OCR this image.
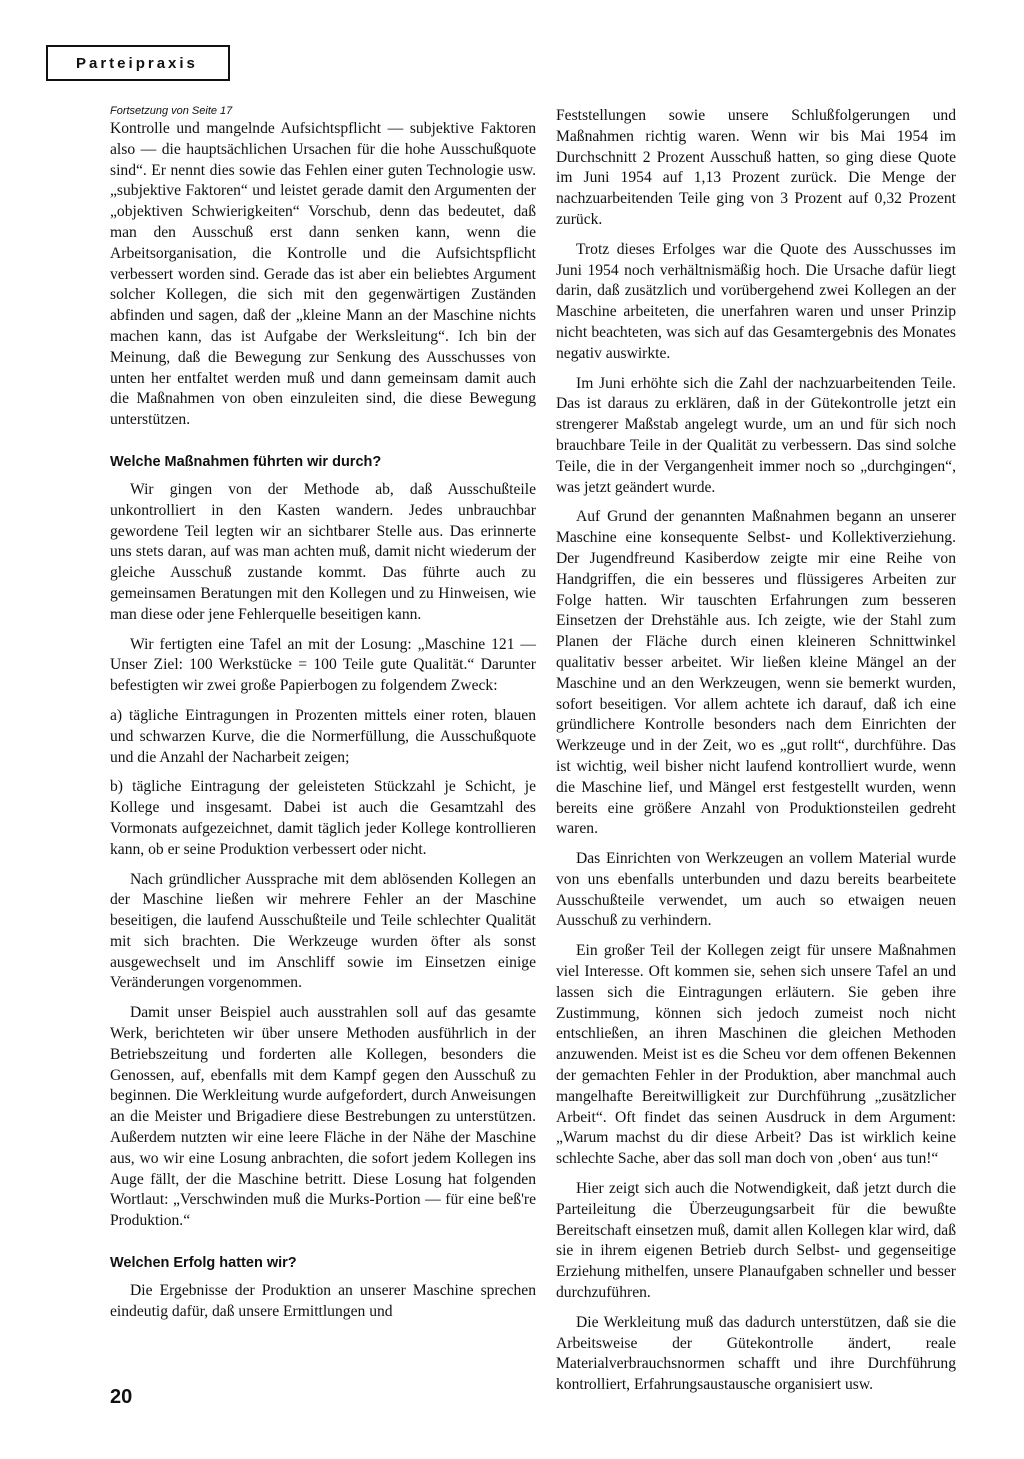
Parteipraxis
Fortsetzung von Seite 17

Kontrolle und mangelnde Aufsichtspflicht — subjektive Faktoren also — die hauptsächlichen Ursachen für die hohe Ausschußquote sind“. Er nennt dies sowie das Fehlen einer guten Technologie usw. „subjektive Faktoren“ und leistet gerade damit den Argumenten der „objektiven Schwierigkeiten“ Vorschub, denn das bedeutet, daß man den Ausschuß erst dann senken kann, wenn die Arbeitsorganisation, die Kontrolle und die Aufsichtspflicht verbessert worden sind. Gerade das ist aber ein beliebtes Argument solcher Kollegen, die sich mit den gegenwärtigen Zuständen abfinden und sagen, daß der „kleine Mann an der Maschine nichts machen kann, das ist Aufgabe der Werksleitung“. Ich bin der Meinung, daß die Bewegung zur Senkung des Ausschusses von unten her entfaltet werden muß und dann gemeinsam damit auch die Maßnahmen von oben einzuleiten sind, die diese Bewegung unterstützen.

Welche Maßnahmen führten wir durch?

Wir gingen von der Methode ab, daß Ausschußteile unkontrolliert in den Kasten wandern. Jedes unbrauchbar gewordene Teil legten wir an sichtbarer Stelle aus. Das erinnerte uns stets daran, auf was man achten muß, damit nicht wiederum der gleiche Ausschuß zustande kommt. Das führte auch zu gemeinsamen Beratungen mit den Kollegen und zu Hinweisen, wie man diese oder jene Fehlerquelle beseitigen kann.

Wir fertigten eine Tafel an mit der Losung: „Maschine 121 — Unser Ziel: 100 Werkstücke = 100 Teile gute Qualität.“ Darunter befestigten wir zwei große Papierbogen zu folgendem Zweck:

a) tägliche Eintragungen in Prozenten mittels einer roten, blauen und schwarzen Kurve, die die Normerfüllung, die Ausschußquote und die Anzahl der Nacharbeit zeigen;

b) tägliche Eintragung der geleisteten Stückzahl je Schicht, je Kollege und insgesamt. Dabei ist auch die Gesamtzahl des Vormonats aufgezeichnet, damit täglich jeder Kollege kontrollieren kann, ob er seine Produktion verbessert oder nicht.

Nach gründlicher Aussprache mit dem ablösenden Kollegen an der Maschine ließen wir mehrere Fehler an der Maschine beseitigen, die laufend Ausschußteile und Teile schlechter Qualität mit sich brachten. Die Werkzeuge wurden öfter als sonst ausgewechselt und im Anschliff sowie im Einsetzen einige Veränderungen vorgenommen.

Damit unser Beispiel auch ausstrahlen soll auf das gesamte Werk, berichteten wir über unsere Methoden ausführlich in der Betriebszeitung und forderten alle Kollegen, besonders die Genossen, auf, ebenfalls mit dem Kampf gegen den Ausschuß zu beginnen. Die Werkleitung wurde aufgefordert, durch Anweisungen an die Meister und Brigadiere diese Bestrebungen zu unterstützen. Außerdem nutzten wir eine leere Fläche in der Nähe der Maschine aus, wo wir eine Losung anbrachten, die sofort jedem Kollegen ins Auge fällt, der die Maschine betritt. Diese Losung hat folgenden Wortlaut: „Verschwinden muß die Murks-Portion — für eine beß're Produktion.“

Welchen Erfolg hatten wir?

Die Ergebnisse der Produktion an unserer Maschine sprechen eindeutig dafür, daß unsere Ermittlungen und

Feststellungen sowie unsere Schlußfolgerungen und Maßnahmen richtig waren. Wenn wir bis Mai 1954 im Durchschnitt 2 Prozent Ausschuß hatten, so ging diese Quote im Juni 1954 auf 1,13 Prozent zurück. Die Menge der nachzuarbeitenden Teile ging von 3 Prozent auf 0,32 Prozent zurück.

Trotz dieses Erfolges war die Quote des Ausschusses im Juni 1954 noch verhältnismäßig hoch. Die Ursache dafür liegt darin, daß zusätzlich und vorübergehend zwei Kollegen an der Maschine arbeiteten, die unerfahren waren und unser Prinzip nicht beachteten, was sich auf das Gesamtergebnis des Monates negativ auswirkte.

Im Juni erhöhte sich die Zahl der nachzuarbeitenden Teile. Das ist daraus zu erklären, daß in der Gütekontrolle jetzt ein strengerer Maßstab angelegt wurde, um an und für sich noch brauchbare Teile in der Qualität zu verbessern. Das sind solche Teile, die in der Vergangenheit immer noch so „durchgingen“, was jetzt geändert wurde.

Auf Grund der genannten Maßnahmen begann an unserer Maschine eine konsequente Selbst- und Kollektiverziehung. Der Jugendfreund Kasiberdow zeigte mir eine Reihe von Handgriffen, die ein besseres und flüssigeres Arbeiten zur Folge hatten. Wir tauschten Erfahrungen zum besseren Einsetzen der Drehstähle aus. Ich zeigte, wie der Stahl zum Planen der Fläche durch einen kleineren Schnittwinkel qualitativ besser arbeitet. Wir ließen kleine Mängel an der Maschine und an den Werkzeugen, wenn sie bemerkt wurden, sofort beseitigen. Vor allem achtete ich darauf, daß ich eine gründlichere Kontrolle besonders nach dem Einrichten der Werkzeuge und in der Zeit, wo es „gut rollt“, durchführe. Das ist wichtig, weil bisher nicht laufend kontrolliert wurde, wenn die Maschine lief, und Mängel erst festgestellt wurden, wenn bereits eine größere Anzahl von Produktionsteilen gedreht waren.

Das Einrichten von Werkzeugen an vollem Material wurde von uns ebenfalls unterbunden und dazu bereits bearbeitete Ausschußteile verwendet, um auch so etwaigen neuen Ausschuß zu verhindern.

Ein großer Teil der Kollegen zeigt für unsere Maßnahmen viel Interesse. Oft kommen sie, sehen sich unsere Tafel an und lassen sich die Eintragungen erläutern. Sie geben ihre Zustimmung, können sich jedoch zumeist noch nicht entschließen, an ihren Maschinen die gleichen Methoden anzuwenden. Meist ist es die Scheu vor dem offenen Bekennen der gemachten Fehler in der Produktion, aber manchmal auch mangelhafte Bereitwilligkeit zur Durchführung „zusätzlicher Arbeit“. Oft findet das seinen Ausdruck in dem Argument: „Warum machst du dir diese Arbeit? Das ist wirklich keine schlechte Sache, aber das soll man doch von ‚oben‘ aus tun!“

Hier zeigt sich auch die Notwendigkeit, daß jetzt durch die Parteileitung die Überzeugungsarbeit für die bewußte Bereitschaft einsetzen muß, damit allen Kollegen klar wird, daß sie in ihrem eigenen Betrieb durch Selbst- und gegenseitige Erziehung mithelfen, unsere Planaufgaben schneller und besser durchzuführen.

Die Werkleitung muß das dadurch unterstützen, daß sie die Arbeitsweise der Gütekontrolle ändert, reale Materialverbrauchsnormen schafft und ihre Durchführung kontrolliert, Erfahrungsaustausche organisiert usw.

20
